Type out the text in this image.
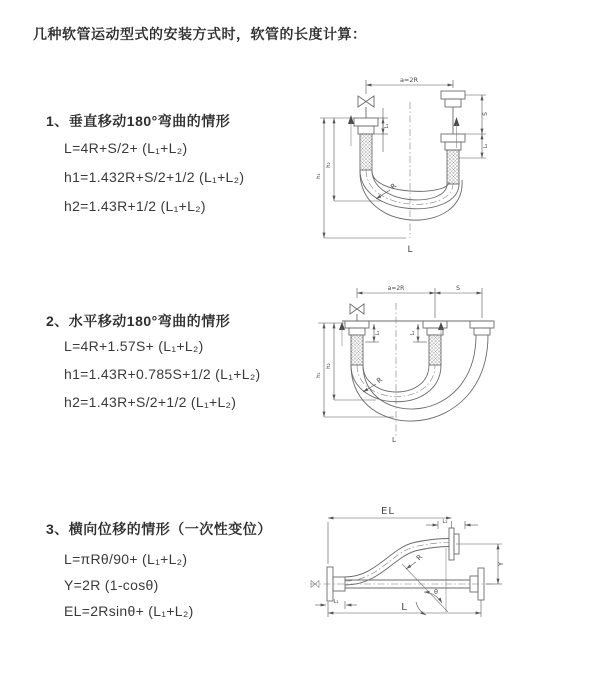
几种软管运动型式的安装方式时，软管的长度计算：
1、垂直移动180°弯曲的情形
L=4R+S/2+ (L₁+L₂)
h1=1.432R+S/2+1/2 (L₁+L₂)
h2=1.43R+1/2 (L₁+L₂)
2、水平移动180°弯曲的情形
L=4R+1.57S+ (L₁+L₂)
h1=1.43R+0.785S+1/2 (L₁+L₂)
h2=1.43R+S/2+1/2 (L₁+L₂)
3、横向位移的情形（一次性变位）
L=πRθ/90+ (L₁+L₂)
Y=2R (1-cosθ)
EL=2Rsinθ+ (L₁+L₂)
a=2R
h₁
h₂
L₁
S
L₂
R
L
a=2R	S
h₁
h₂
L₁	L₂
R
L
EL
L₂
Y
R
θ
L
L₁
